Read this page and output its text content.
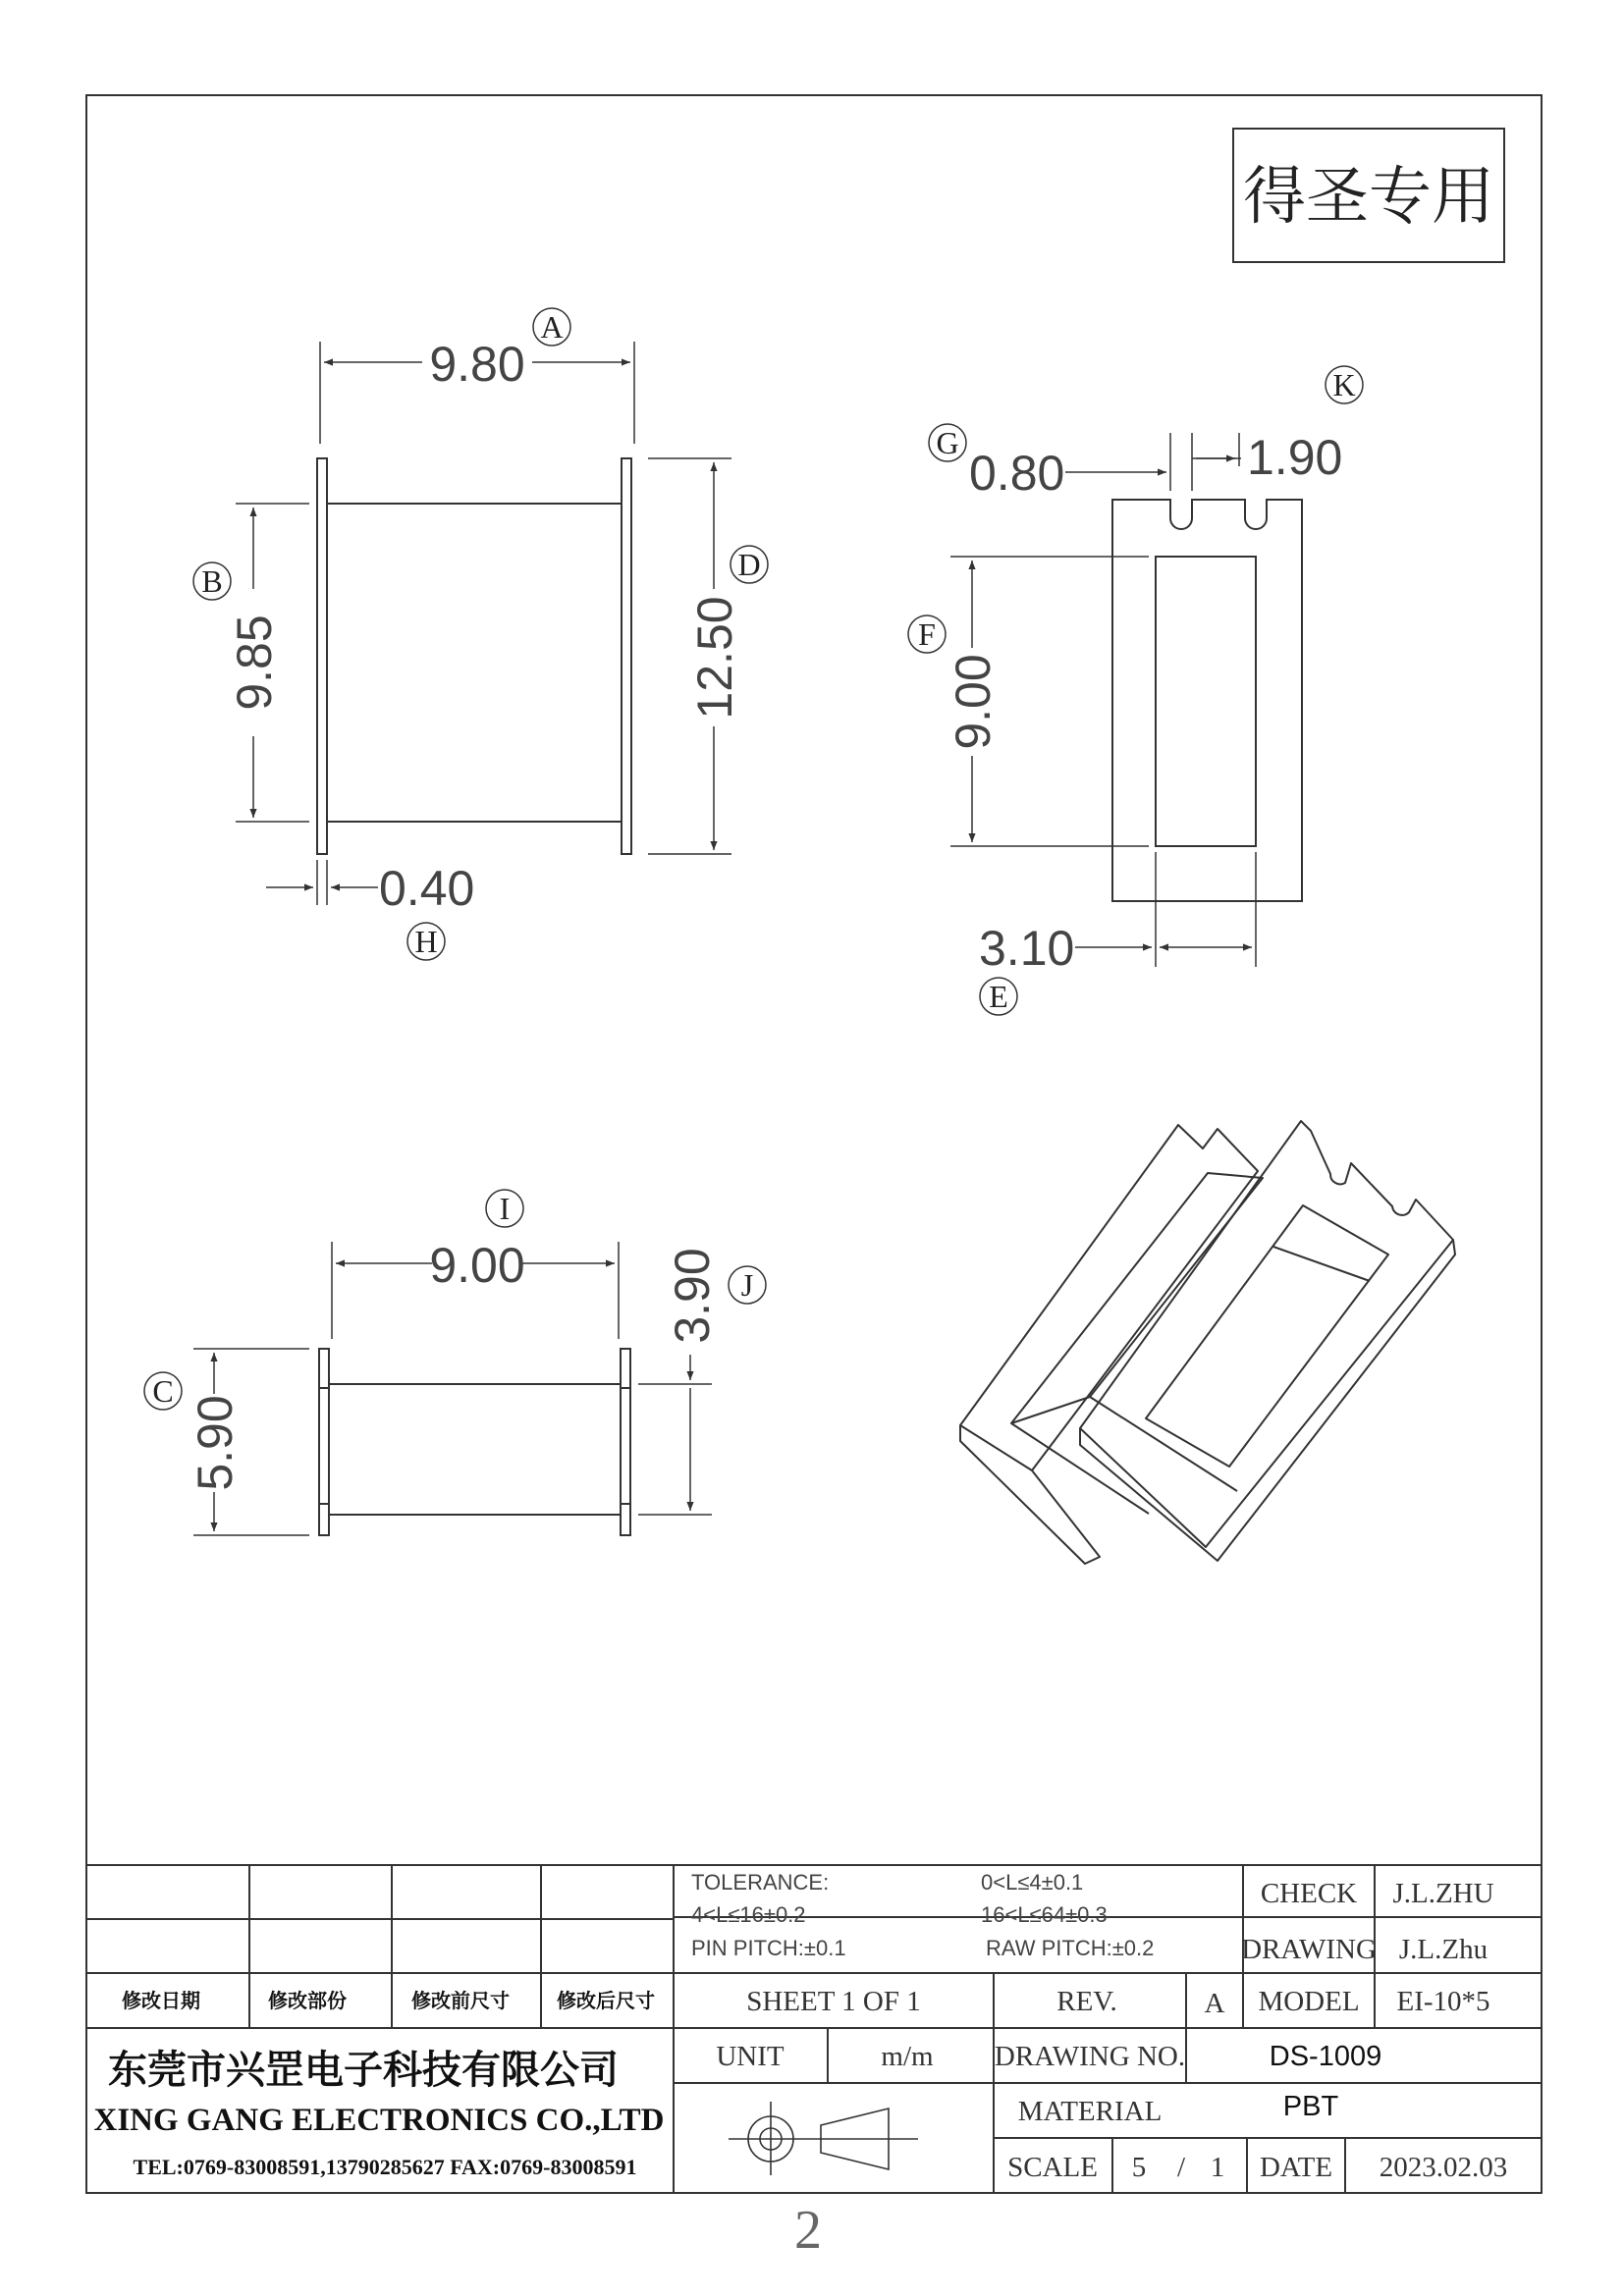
得圣专用
9.80
A
9.85
B
12.50
D
0.40
H
0.80
G	1.90
K
9.00
F
3.10
E
9.00
I
5.90
C
3.90 J
修改日期	修改部份	修改前尺寸 修改后尺寸
TOLERANCE:	0<L≤4±0.1
4<L≤16±0.2	16<L≤64±0.3
PIN PITCH:±0.1	RAW PITCH:±0.2
CHECK J.L.ZHU
DRAWING J.L.Zhu
SHEET 1 OF 1	REV.	A MODEL EI-10*5
东莞市兴罡电子科技有限公司
XING GANG ELECTRONICS CO.,LTD
TEL:0769-83008591,13790285627 FAX:0769-83008591
UNIT	m/m DRAWING NO.	DS-1009
MATERIAL	PBT
SCALE 5 / 1 DATE 2023.02.03
2
